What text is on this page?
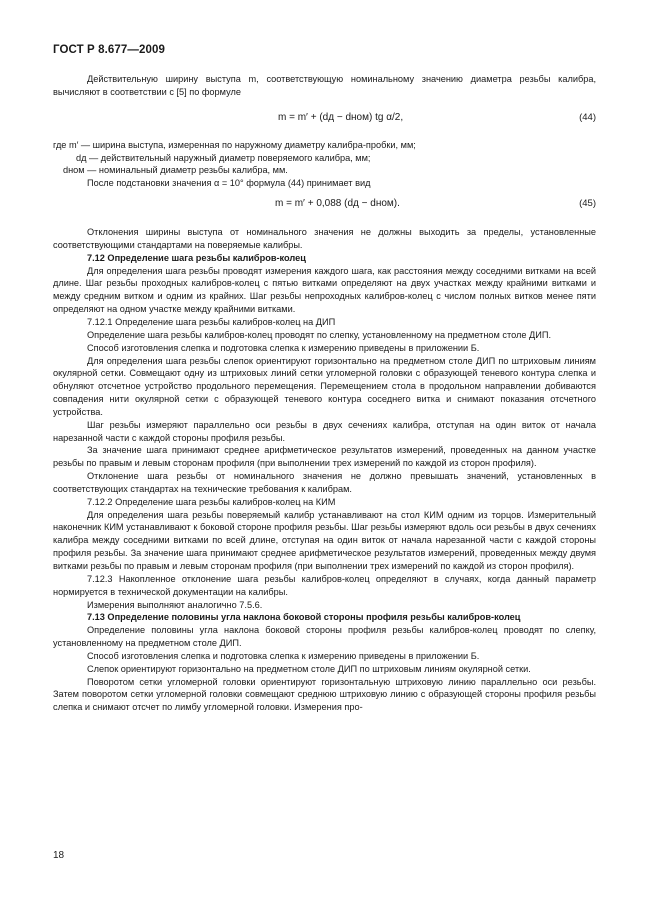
ГОСТ Р 8.677—2009

Действительную ширину выступа m, соответствующую номинальному значению диаметра резьбы калибра, вычисляют в соответствии с [5] по формуле

m = m′ + (dд − dном) tg α/2,	(44)

где m′ — ширина выступа, измеренная по наружному диаметру калибра-пробки, мм;

dд — действительный наружный диаметр поверяемого калибра, мм;

dном — номинальный диаметр резьбы калибра, мм.

После подстановки значения α = 10° формула (44) принимает вид

m = m′ + 0,088 (dд − dном).	(45)

Отклонения ширины выступа от номинального значения не должны выходить за пределы, установленные соответствующими стандартами на поверяемые калибры.

7.12 Определение шага резьбы калибров-колец

Для определения шага резьбы проводят измерения каждого шага, как расстояния между соседними витками на всей длине. Шаг резьбы проходных калибров-колец с пятью витками определяют на двух участках между крайними витками и между средним витком и одним из крайних. Шаг резьбы непроходных калибров-колец с числом полных витков менее пяти определяют на одном участке между крайними витками.

7.12.1 Определение шага резьбы калибров-колец на ДИП

Определение шага резьбы калибров-колец проводят по слепку, установленному на предметном столе ДИП.

Способ изготовления слепка и подготовка слепка к измерению приведены в приложении Б.

Для определения шага резьбы слепок ориентируют горизонтально на предметном столе ДИП по штриховым линиям окулярной сетки. Совмещают одну из штриховых линий сетки угломерной головки с образующей теневого контура слепка и обнуляют отсчетное устройство продольного перемещения. Перемещением стола в продольном направлении добиваются совпадения нити окулярной сетки с образующей теневого контура соседнего витка и снимают показания отсчетного устройства.

Шаг резьбы измеряют параллельно оси резьбы в двух сечениях калибра, отступая на один виток от начала нарезанной части с каждой стороны профиля резьбы.

За значение шага принимают среднее арифметическое результатов измерений, проведенных на данном участке резьбы по правым и левым сторонам профиля (при выполнении трех измерений по каждой из сторон профиля).

Отклонение шага резьбы от номинального значения не должно превышать значений, установленных в соответствующих стандартах на технические требования к калибрам.

7.12.2 Определение шага резьбы калибров-колец на КИМ

Для определения шага резьбы поверяемый калибр устанавливают на стол КИМ одним из торцов. Измерительный наконечник КИМ устанавливают к боковой стороне профиля резьбы. Шаг резьбы измеряют вдоль оси резьбы в двух сечениях калибра между соседними витками по всей длине, отступая на один виток от начала нарезанной части с каждой стороны профиля резьбы. За значение шага принимают среднее арифметическое результатов измерений, проведенных между двумя витками резьбы по правым и левым сторонам профиля (при выполнении трех измерений по каждой из сторон профиля).

7.12.3 Накопленное отклонение шага резьбы калибров-колец определяют в случаях, когда данный параметр нормируется в технической документации на калибры.

Измерения выполняют аналогично 7.5.6.

7.13 Определение половины угла наклона боковой стороны профиля резьбы калибров-колец

Определение половины угла наклона боковой стороны профиля резьбы калибров-колец проводят по слепку, установленному на предметном столе ДИП.

Способ изготовления слепка и подготовка слепка к измерению приведены в приложении Б.

Слепок ориентируют горизонтально на предметном столе ДИП по штриховым линиям окулярной сетки.

Поворотом сетки угломерной головки ориентируют горизонтальную штриховую линию параллельно оси резьбы. Затем поворотом сетки угломерной головки совмещают среднюю штриховую линию с образующей стороны профиля резьбы слепка и снимают отсчет по лимбу угломерной головки. Измерения про-

18
